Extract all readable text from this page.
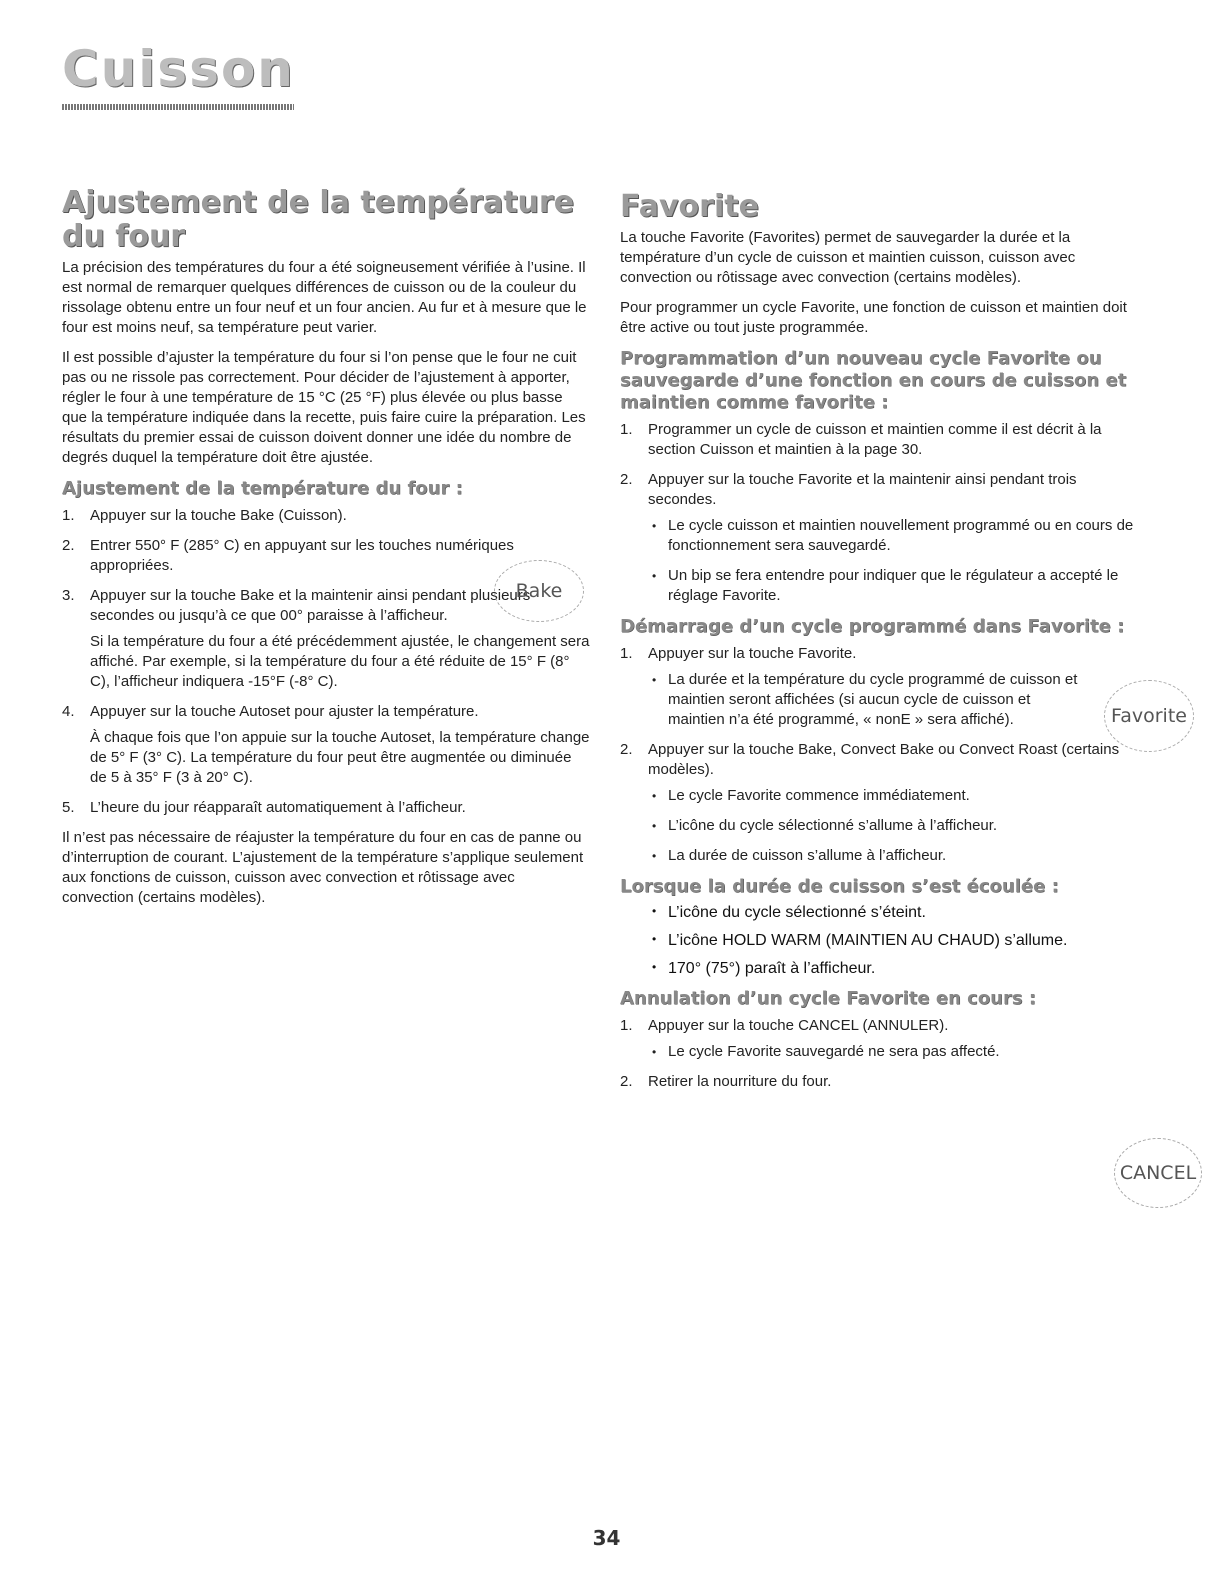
Cuisson
Ajustement de la température du four

La précision des températures du four a été soigneusement vérifiée à l’usine. Il est normal de remarquer quelques différences de cuisson ou de la couleur du rissolage obtenu entre un four neuf et un four ancien. Au fur et à mesure que le four est moins neuf, sa température peut varier.

Il est possible d’ajuster la température du four si l’on pense que le four ne cuit pas ou ne rissole pas correctement. Pour décider de l’ajustement à apporter, régler le four à une température de 15 °C (25 °F) plus élevée ou plus basse que la température indiquée dans la recette, puis faire cuire la préparation. Les résultats du premier essai de cuisson doivent donner une idée du nombre de degrés duquel la température doit être ajustée.

Ajustement de la température du four :
1. Appuyer sur la touche Bake (Cuisson).
2. Entrer 550° F (285° C) en appuyant sur les touches numériques appropriées.
3. Appuyer sur la touche Bake et la maintenir ainsi pendant plusieurs secondes ou jusqu’à ce que 00° paraisse à l’afficheur.

Si la température du four a été précédemment ajustée, le changement sera affiché. Par exemple, si la température du four a été réduite de 15° F (8° C), l’afficheur indiquera -15°F (-8° C).

4. Appuyer sur la touche Autoset pour ajuster la température.

À chaque fois que l’on appuie sur la touche Autoset, la température change de 5° F (3° C). La température du four peut être augmentée ou diminuée de 5 à 35° F (3 à 20° C).

5. L’heure du jour réapparaît automatiquement à l’afficheur.

Il n’est pas nécessaire de réajuster la température du four en cas de panne ou d’interruption de courant. L’ajustement de la température s’applique seulement aux fonctions de cuisson, cuisson avec convection et rôtissage avec convection (certains modèles).

Bake
Favorite

La touche Favorite (Favorites) permet de sauvegarder la durée et la température d’un cycle de cuisson et maintien cuisson, cuisson avec convection ou rôtissage avec convection (certains modèles).

Pour programmer un cycle Favorite, une fonction de cuisson et maintien doit être active ou tout juste programmée.

Programmation d’un nouveau cycle Favorite ou sauvegarde d’une fonction en cours de cuisson et maintien comme favorite :
1. Programmer un cycle de cuisson et maintien comme il est décrit à la section Cuisson et maintien à la page 30.
2. Appuyer sur la touche Favorite et la maintenir ainsi pendant trois secondes.
• Le cycle cuisson et maintien nouvellement programmé ou en cours de fonctionnement sera sauvegardé.
• Un bip se fera entendre pour indiquer que le régulateur a accepté le réglage Favorite.
Démarrage d’un cycle programmé dans Favorite :
1. Appuyer sur la touche Favorite.
• La durée et la température du cycle programmé de cuisson et maintien seront affichées (si aucun cycle de cuisson et maintien n’a été programmé, « nonE » sera affiché).
2. Appuyer sur la touche Bake, Convect Bake ou Convect Roast (certains modèles).
• Le cycle Favorite commence immédiatement.
• L’icône du cycle sélectionné s’allume à l’afficheur.
• La durée de cuisson s’allume à l’afficheur.
Lorsque la durée de cuisson s’est écoulée :
• L’icône du cycle sélectionné s’éteint.
• L’icône HOLD WARM (MAINTIEN AU CHAUD) s’allume.
• 170° (75°) paraît à l’afficheur.
Annulation d’un cycle Favorite en cours :
1. Appuyer sur la touche CANCEL (ANNULER).
• Le cycle Favorite sauvegardé ne sera pas affecté.
2. Retirer la nourriture du four.
Favorite
CANCEL
34
